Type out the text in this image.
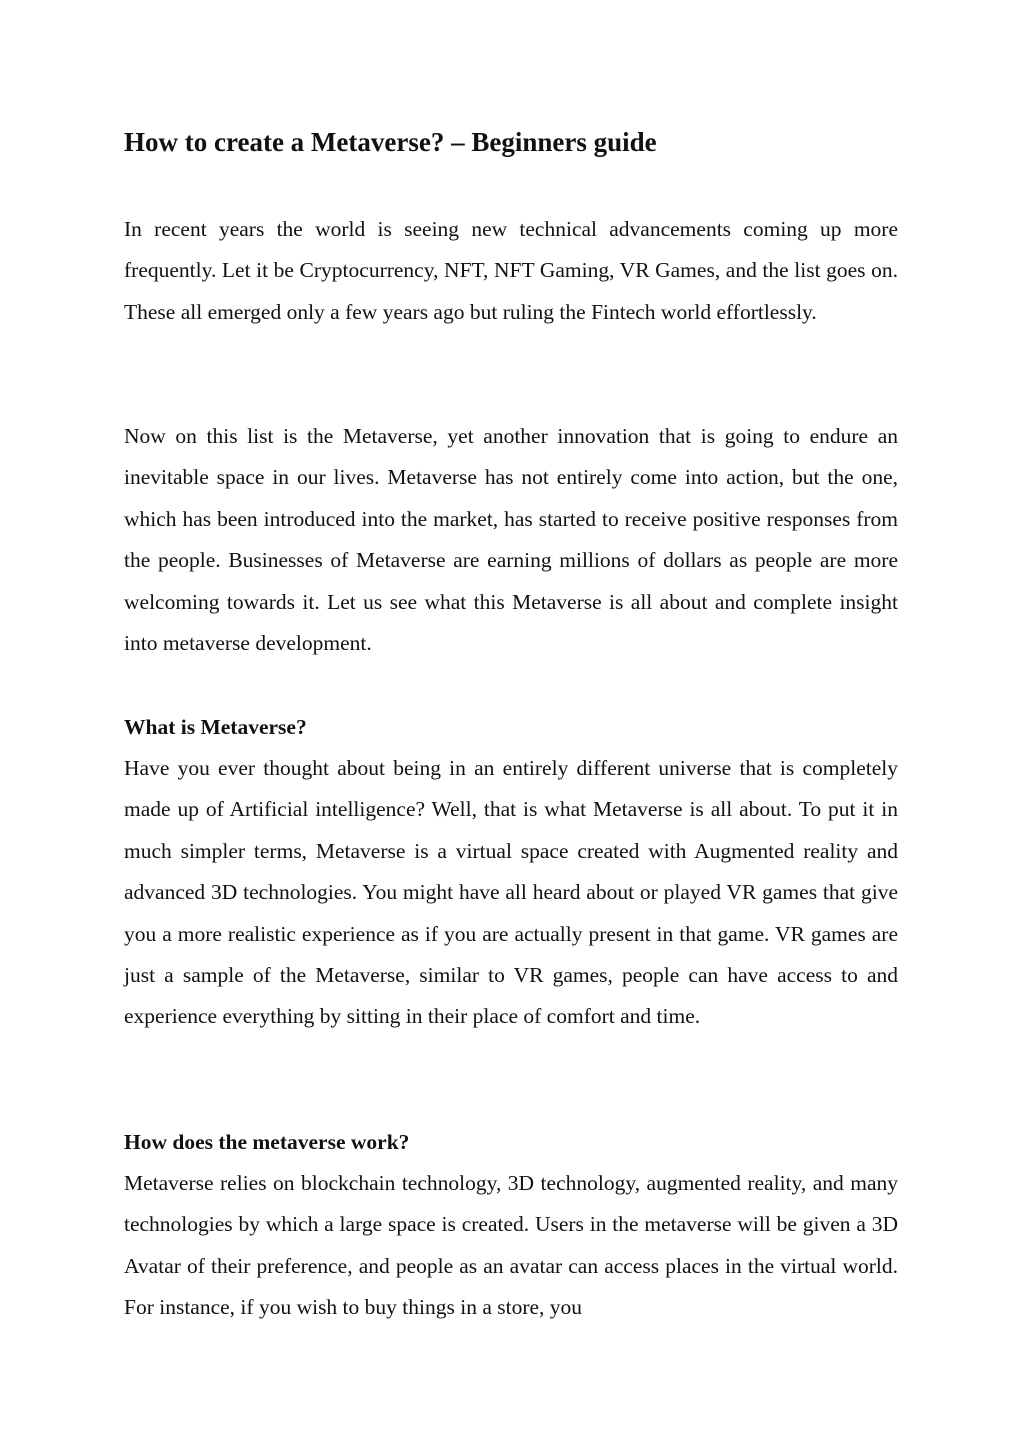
How to create a Metaverse? – Beginners guide

In recent years the world is seeing new technical advancements coming up more frequently. Let it be Cryptocurrency, NFT, NFT Gaming, VR Games, and the list goes on. These all emerged only a few years ago but ruling the Fintech world effortlessly.

Now on this list is the Metaverse, yet another innovation that is going to endure an inevitable space in our lives. Metaverse has not entirely come into action, but the one, which has been introduced into the market, has started to receive positive responses from the people. Businesses of Metaverse are earning millions of dollars as people are more welcoming towards it. Let us see what this Metaverse is all about and complete insight into metaverse development.

What is Metaverse?

Have you ever thought about being in an entirely different universe that is completely made up of Artificial intelligence? Well, that is what Metaverse is all about. To put it in much simpler terms, Metaverse is a virtual space created with Augmented reality and advanced 3D technologies. You might have all heard about or played VR games that give you a more realistic experience as if you are actually present in that game. VR games are just a sample of the Metaverse, similar to VR games, people can have access to and experience everything by sitting in their place of comfort and time.

How does the metaverse work?

Metaverse relies on blockchain technology, 3D technology, augmented reality, and many technologies by which a large space is created. Users in the metaverse will be given a 3D Avatar of their preference, and people as an avatar can access places in the virtual world. For instance, if you wish to buy things in a store, you
